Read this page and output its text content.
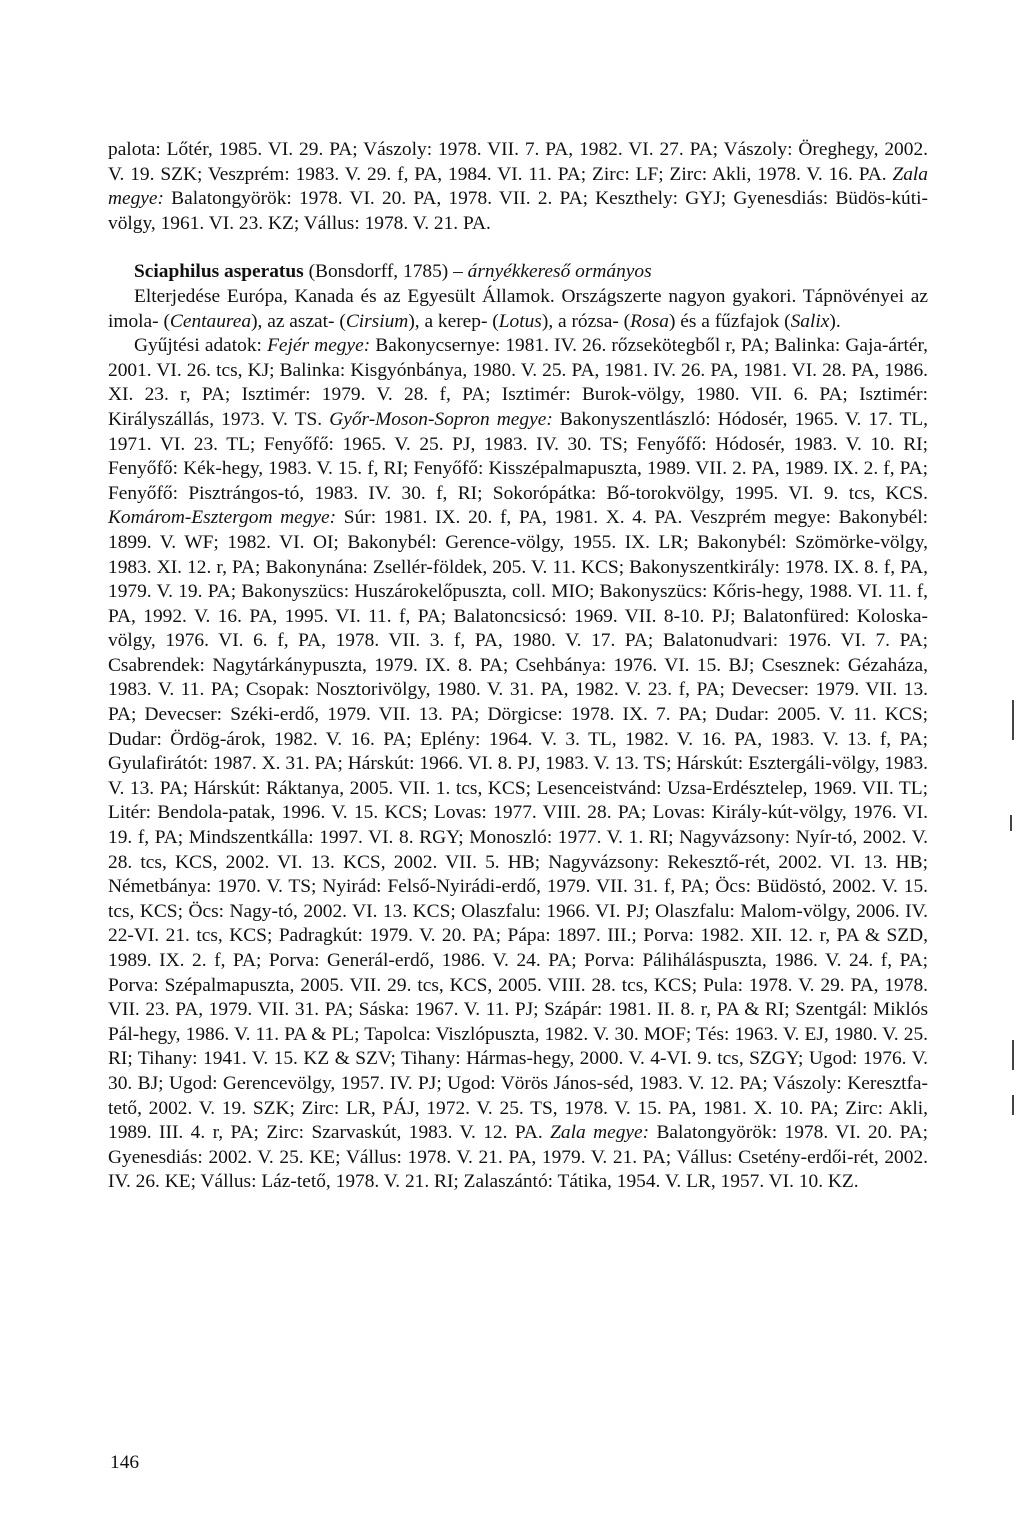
palota: Lőtér, 1985. VI. 29. PA; Vászoly: 1978. VII. 7. PA, 1982. VI. 27. PA; Vászoly: Öreghegy, 2002. V. 19. SZK; Veszprém: 1983. V. 29. f, PA, 1984. VI. 11. PA; Zirc: LF; Zirc: Akli, 1978. V. 16. PA. Zala megye: Balatongyörök: 1978. VI. 20. PA, 1978. VII. 2. PA; Keszthely: GYJ; Gyenesdiás: Büdös-kúti-völgy, 1961. VI. 23. KZ; Vállus: 1978. V. 21. PA.

Sciaphilus asperatus (Bonsdorff, 1785) – árnyékkereső ormányos

Elterjedése Európa, Kanada és az Egyesült Államok. Országszerte nagyon gyakori. Tápnövényei az imola- (Centaurea), az aszat- (Cirsium), a kerep- (Lotus), a rózsa- (Rosa) és a fűzfajok (Salix).

Gyűjtési adatok: Fejér megye: Bakonycsernye: 1981. IV. 26. rőzsekötegből r, PA; Balinka: Gaja-ártér, 2001. VI. 26. tcs, KJ; Balinka: Kisgyónbánya, 1980. V. 25. PA, 1981. IV. 26. PA, 1981. VI. 28. PA, 1986. XI. 23. r, PA; Isztimér: 1979. V. 28. f, PA; Isztimér: Burok-völgy, 1980. VII. 6. PA; Isztimér: Királyszállás, 1973. V. TS. Győr-Moson-Sopron megye: Bakonyszentlászló: Hódosér, 1965. V. 17. TL, 1971. VI. 23. TL; Fenyőfő: 1965. V. 25. PJ, 1983. IV. 30. TS; Fenyőfő: Hódosér, 1983. V. 10. RI; Fenyőfő: Kék-hegy, 1983. V. 15. f, RI; Fenyőfő: Kisszépalmapuszta, 1989. VII. 2. PA, 1989. IX. 2. f, PA; Fenyőfő: Pisztrángos-tó, 1983. IV. 30. f, RI; Sokorópátka: Bő-torokvölgy, 1995. VI. 9. tcs, KCS. Komárom-Esztergom megye: Súr: 1981. IX. 20. f, PA, 1981. X. 4. PA. Veszprém megye: Bakonybél: 1899. V. WF; 1982. VI. OI; Bakonybél: Gerence-völgy, 1955. IX. LR; Bakonybél: Szömörke-völgy, 1983. XI. 12. r, PA; Bakonynána: Zsellér-földek, 205. V. 11. KCS; Bakonyszentkirály: 1978. IX. 8. f, PA, 1979. V. 19. PA; Bakonyszücs: Huszárokelőpuszta, coll. MIO; Bakonyszücs: Kőris-hegy, 1988. VI. 11. f, PA, 1992. V. 16. PA, 1995. VI. 11. f, PA; Balatoncsicsó: 1969. VII. 8-10. PJ; Balatonfüred: Koloska-völgy, 1976. VI. 6. f, PA, 1978. VII. 3. f, PA, 1980. V. 17. PA; Balatonudvari: 1976. VI. 7. PA; Csabrendek: Nagytárkánypuszta, 1979. IX. 8. PA; Csehbánya: 1976. VI. 15. BJ; Csesznek: Gézaháza, 1983. V. 11. PA; Csopak: Nosztorivölgy, 1980. V. 31. PA, 1982. V. 23. f, PA; Devecser: 1979. VII. 13. PA; Devecser: Széki-erdő, 1979. VII. 13. PA; Dörgicse: 1978. IX. 7. PA; Dudar: 2005. V. 11. KCS; Dudar: Ördög-árok, 1982. V. 16. PA; Eplény: 1964. V. 3. TL, 1982. V. 16. PA, 1983. V. 13. f, PA; Gyulafirátót: 1987. X. 31. PA; Hárskút: 1966. VI. 8. PJ, 1983. V. 13. TS; Hárskút: Esztergáli-völgy, 1983. V. 13. PA; Hárskút: Ráktanya, 2005. VII. 1. tcs, KCS; Lesenceistvánd: Uzsa-Erdésztelep, 1969. VII. TL; Litér: Bendola-patak, 1996. V. 15. KCS; Lovas: 1977. VIII. 28. PA; Lovas: Király-kút-völgy, 1976. VI. 19. f, PA; Mindszentkálla: 1997. VI. 8. RGY; Monoszló: 1977. V. 1. RI; Nagyvázsony: Nyír-tó, 2002. V. 28. tcs, KCS, 2002. VI. 13. KCS, 2002. VII. 5. HB; Nagyvázsony: Rekesztő-rét, 2002. VI. 13. HB; Németbánya: 1970. V. TS; Nyirád: Felső-Nyirádi-erdő, 1979. VII. 31. f, PA; Öcs: Büdöstó, 2002. V. 15. tcs, KCS; Öcs: Nagy-tó, 2002. VI. 13. KCS; Olaszfalu: 1966. VI. PJ; Olaszfalu: Malom-völgy, 2006. IV. 22-VI. 21. tcs, KCS; Padragkút: 1979. V. 20. PA; Pápa: 1897. III.; Porva: 1982. XII. 12. r, PA & SZD, 1989. IX. 2. f, PA; Porva: Generál-erdő, 1986. V. 24. PA; Porva: Páliháláspuszta, 1986. V. 24. f, PA; Porva: Szépalmapuszta, 2005. VII. 29. tcs, KCS, 2005. VIII. 28. tcs, KCS; Pula: 1978. V. 29. PA, 1978. VII. 23. PA, 1979. VII. 31. PA; Sáska: 1967. V. 11. PJ; Szápár: 1981. II. 8. r, PA & RI; Szentgál: Miklós Pál-hegy, 1986. V. 11. PA & PL; Tapolca: Viszlópuszta, 1982. V. 30. MOF; Tés: 1963. V. EJ, 1980. V. 25. RI; Tihany: 1941. V. 15. KZ & SZV; Tihany: Hármas-hegy, 2000. V. 4-VI. 9. tcs, SZGY; Ugod: 1976. V. 30. BJ; Ugod: Gerencevölgy, 1957. IV. PJ; Ugod: Vörös János-séd, 1983. V. 12. PA; Vászoly: Keresztfa-tető, 2002. V. 19. SZK; Zirc: LR, PÁJ, 1972. V. 25. TS, 1978. V. 15. PA, 1981. X. 10. PA; Zirc: Akli, 1989. III. 4. r, PA; Zirc: Szarvaskút, 1983. V. 12. PA. Zala megye: Balatongyörök: 1978. VI. 20. PA; Gyenesdiás: 2002. V. 25. KE; Vállus: 1978. V. 21. PA, 1979. V. 21. PA; Vállus: Csetény-erdői-rét, 2002. IV. 26. KE; Vállus: Láz-tető, 1978. V. 21. RI; Zalaszántó: Tátika, 1954. V. LR, 1957. VI. 10. KZ.

146
